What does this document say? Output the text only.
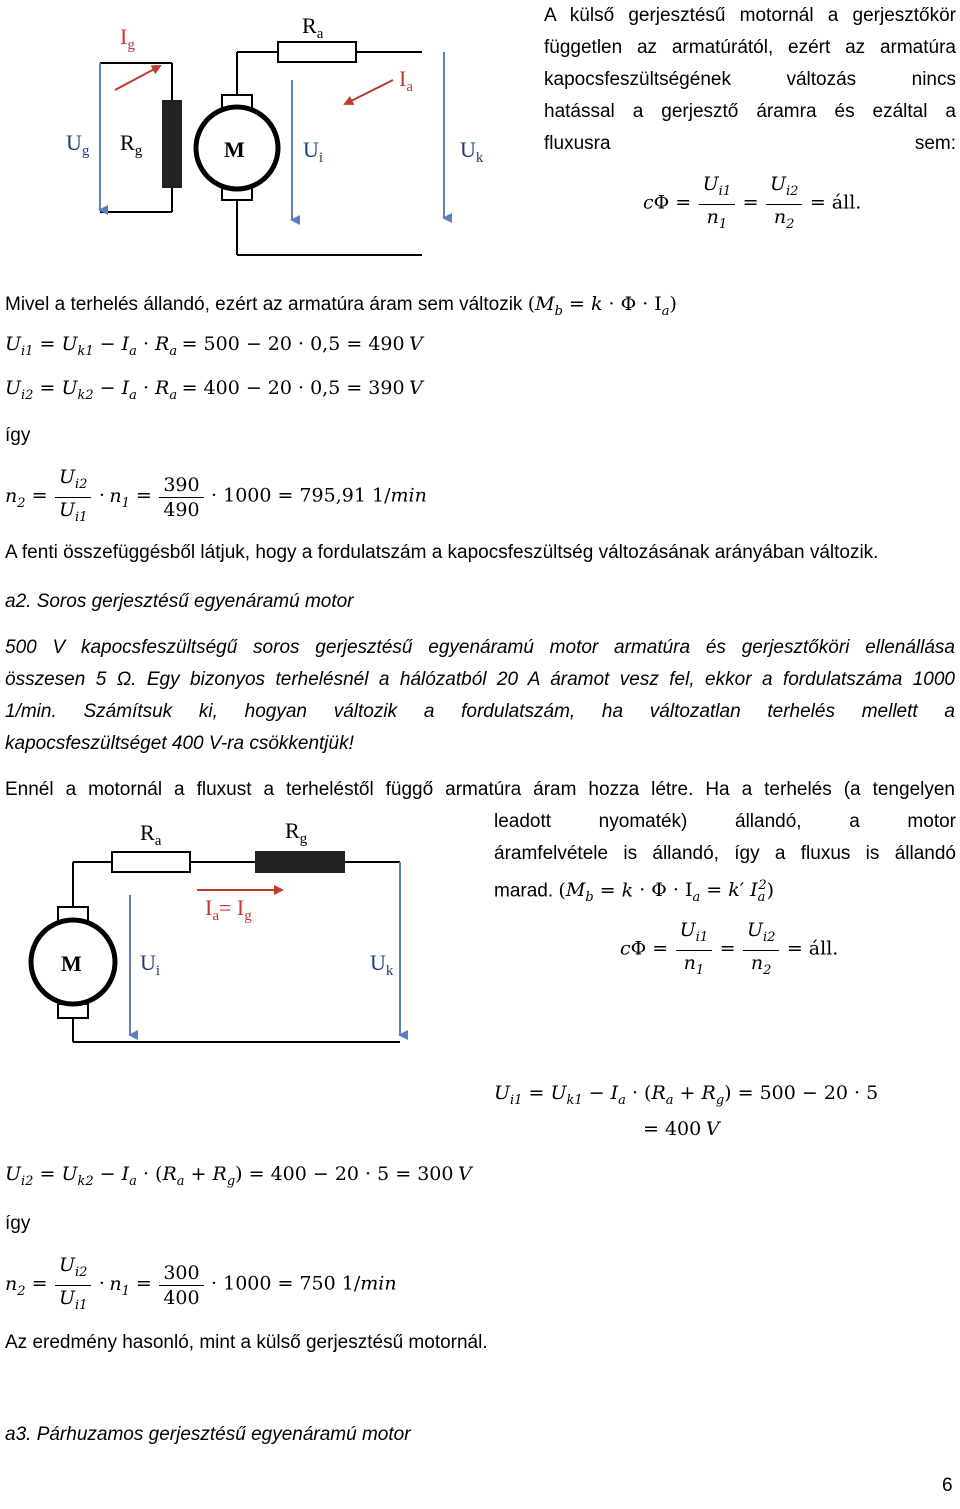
$I_g$
$R_a$
$I_a$
$U_g$ $R_g$	M	$U_i$	$U_k$
A külső gerjesztésű motornál a gerjesztőkör
független az armatúrától, ezért az armatúra
kapocsfeszültségének változás nincs
hatással a gerjesztő áramra és ezáltal a
fluxusra sem:
$c\Phi = \frac{U_{i1}}{n_1} = \frac{U_{i2}}{n_2}$ = áll.
Mivel a terhelés állandó, ezért az armatúra áram sem változik $(M_b = k \cdot \Phi \cdot I_a)$
$U_{i1} = U_{k1} - I_a \cdot R_a = 500 - 20 \cdot 0,5 = 490$ V
$U_{i2} = U_{k2} - I_a \cdot R_a = 400 - 20 \cdot 0,5 = 390$ V
így
$n_2 = \frac{U_{i2}}{U_{i1}} \cdot n_1 = \frac{390}{490} \cdot 1000 = 795,91$ 1/min
A fenti összefüggésből látjuk, hogy a fordulatszám a kapocsfeszültség változásának arányában változik.
a2. Soros gerjesztésű egyenáramú motor
500 V kapocsfeszültségű soros gerjesztésű egyenáramú motor armatúra és gerjesztőköri ellenállása
összesen 5 Ω. Egy bizonyos terhelésnél a hálózatból 20 A áramot vesz fel, ekkor a fordulatszáma 1000
1/min. Számítsuk ki, hogyan változik a fordulatszám, ha változatlan terhelés mellett a
kapocsfeszültséget 400 V-ra csökkentjük!
Ennél a motornál a fluxust a terheléstől függő armatúra áram hozza létre. Ha a terhelés (a tengelyen
leadott nyomaték) állandó, a motor
áramfelvétele is állandó, így a fluxus is állandó
marad. ($M_b = k \cdot \Phi \cdot I_a = k'$ $I_a^2$)
$R_a$	$R_g$
$I_a= I_g$
M	$U_i$	$U_k$
$c\Phi = \frac{U_{i1}}{n_1} = \frac{U_{i2}}{n_2}$ = áll.
$U_{i1} = U_{k1} - I_a \cdot (R_a + R_g) = 500 - 20 \cdot 5$
= 400 V
$U_{i2} = U_{k2} - I_a \cdot (R_a + R_g) = 400 - 20 \cdot 5 = 300$ V
így
$n_2 = \frac{U_{i2}}{U_{i1}} \cdot n_1 = \frac{300}{400} \cdot 1000 = 750$ 1/min
Az eredmény hasonló, mint a külső gerjesztésű motornál.
a3. Párhuzamos gerjesztésű egyenáramú motor
6
